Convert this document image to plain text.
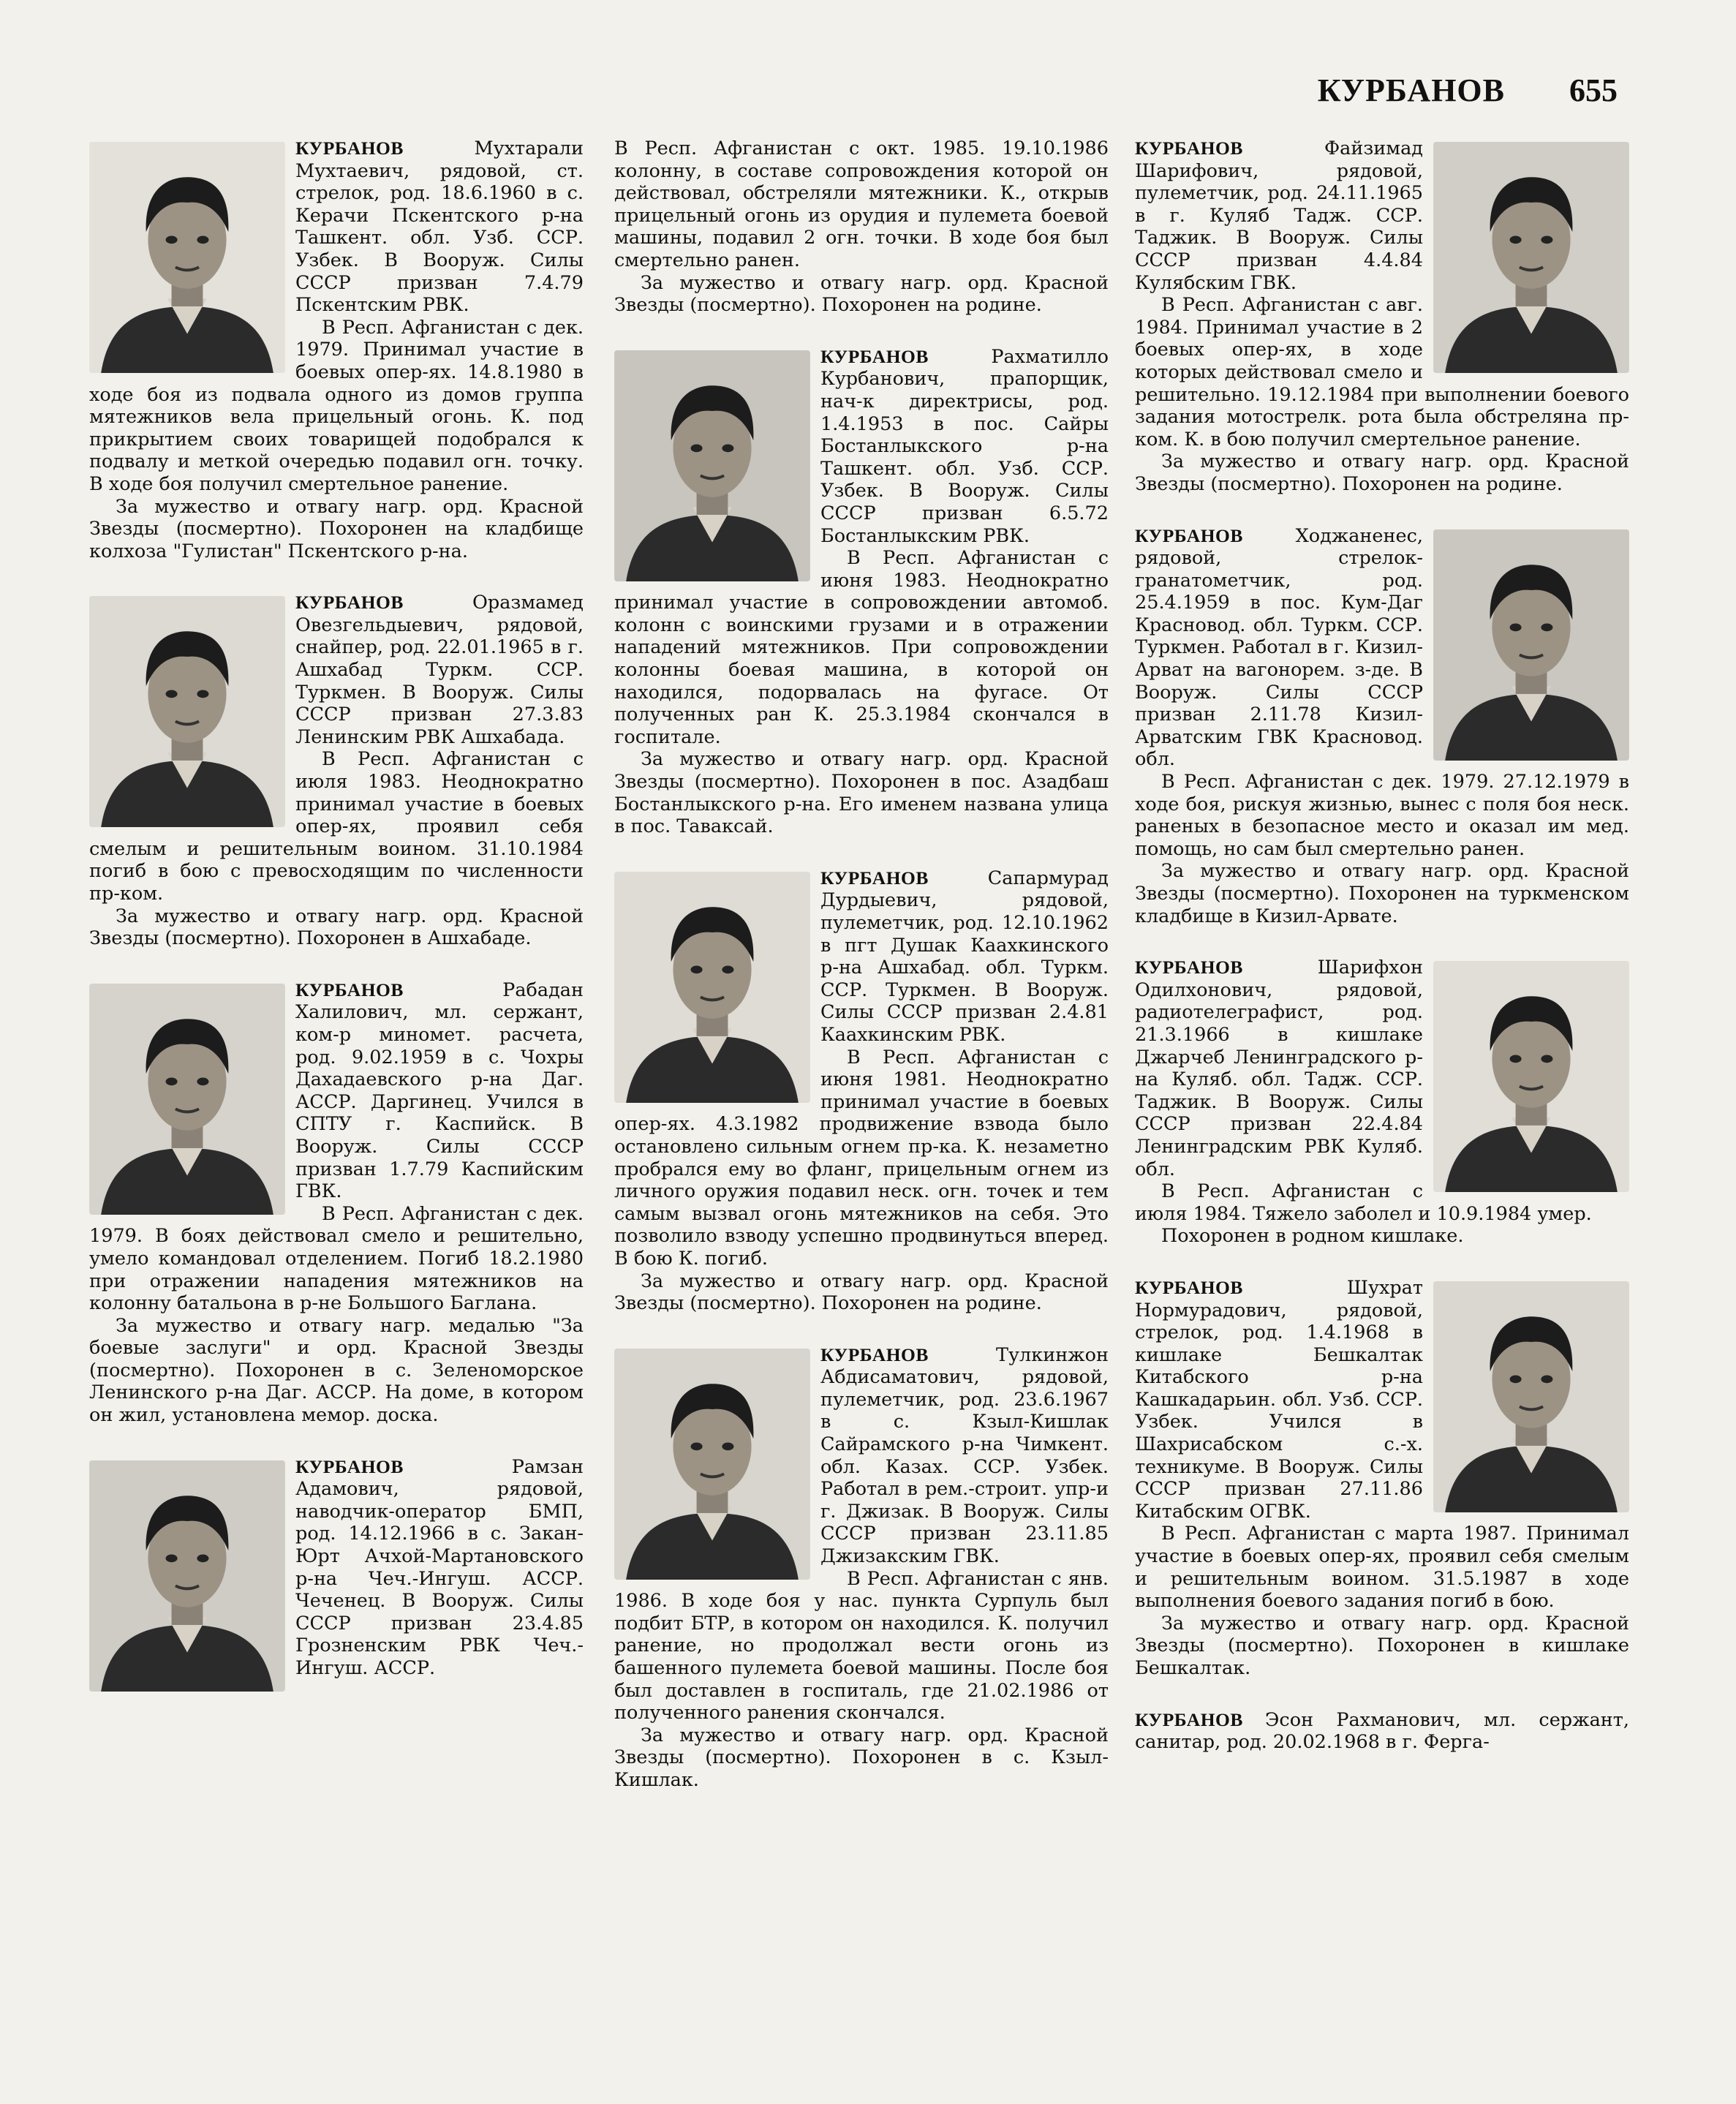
КУРБАНОВ 655

КУРБАНОВ Мухтарали Мухтаевич, рядовой, ст. стрелок, род. 18.6.1960 в с. Керачи Пскентского р-на Ташкент. обл. Узб. ССР. Узбек. В Вооруж. Силы СССР призван 7.4.79 Пскентским РВК.

В Респ. Афганистан с дек. 1979. Принимал участие в боевых опер-ях. 14.8.1980 в ходе боя из подвала одного из домов группа мятежников вела прицельный огонь. К. под прикрытием своих товарищей подобрался к подвалу и меткой очередью подавил огн. точку. В ходе боя получил смертельное ранение.

За мужество и отвагу нагр. орд. Красной Звезды (посмертно). Похоронен на кладбище колхоза "Гулистан" Пскентского р-на.

КУРБАНОВ Оразмамед Овезгельдыевич, рядовой, снайпер, род. 22.01.1965 в г. Ашхабад Туркм. ССР. Туркмен. В Вооруж. Силы СССР призван 27.3.83 Ленинским РВК Ашхабада.

В Респ. Афганистан с июля 1983. Неоднократно принимал участие в боевых опер-ях, проявил себя смелым и решительным воином. 31.10.1984 погиб в бою с превосходящим по численности пр-ком.

За мужество и отвагу нагр. орд. Красной Звезды (посмертно). Похоронен в Ашхабаде.

КУРБАНОВ Рабадан Халилович, мл. сержант, ком-р миномет. расчета, род. 9.02.1959 в с. Чохры Дахадаевского р-на Даг. АССР. Даргинец. Учился в СПТУ г. Каспийск. В Вооруж. Силы СССР призван 1.7.79 Каспийским ГВК.

В Респ. Афганистан с дек. 1979. В боях действовал смело и решительно, умело командовал отделением. Погиб 18.2.1980 при отражении нападения мятежников на колонну батальона в р-не Большого Баглана.

За мужество и отвагу нагр. медалью "За боевые заслуги" и орд. Красной Звезды (посмертно). Похоронен в с. Зеленоморское Ленинского р-на Даг. АССР. На доме, в котором он жил, установлена мемор. доска.

КУРБАНОВ Рамзан Адамович, рядовой, наводчик-оператор БМП, род. 14.12.1966 в с. Закан-Юрт Ачхой-Мартановского р-на Чеч.-Ингуш. АССР. Чеченец. В Вооруж. Силы СССР призван 23.4.85 Грозненским РВК Чеч.-Ингуш. АССР.

В Респ. Афганистан с окт. 1985. 19.10.1986 колонну, в составе сопровождения которой он действовал, обстреляли мятежники. К., открыв прицельный огонь из орудия и пулемета боевой машины, подавил 2 огн. точки. В ходе боя был смертельно ранен.

За мужество и отвагу нагр. орд. Красной Звезды (посмертно). Похоронен на родине.

КУРБАНОВ Рахматилло Курбанович, прапорщик, нач-к директрисы, род. 1.4.1953 в пос. Сайры Бостанлыкского р-на Ташкент. обл. Узб. ССР. Узбек. В Вооруж. Силы СССР призван 6.5.72 Бостанлыкским РВК.

В Респ. Афганистан с июня 1983. Неоднократно принимал участие в сопровождении автомоб. колонн с воинскими грузами и в отражении нападений мятежников. При сопровождении колонны боевая машина, в которой он находился, подорвалась на фугасе. От полученных ран К. 25.3.1984 скончался в госпитале.

За мужество и отвагу нагр. орд. Красной Звезды (посмертно). Похоронен в пос. Азадбаш Бостанлыкского р-на. Его именем названа улица в пос. Таваксай.

КУРБАНОВ Сапармурад Дурдыевич, рядовой, пулеметчик, род. 12.10.1962 в пгт Душак Каахкинского р-на Ашхабад. обл. Туркм. ССР. Туркмен. В Вооруж. Силы СССР призван 2.4.81 Каахкинским РВК.

В Респ. Афганистан с июня 1981. Неоднократно принимал участие в боевых опер-ях. 4.3.1982 продвижение взвода было остановлено сильным огнем пр-ка. К. незаметно пробрался ему во фланг, прицельным огнем из личного оружия подавил неск. огн. точек и тем самым вызвал огонь мятежников на себя. Это позволило взводу успешно продвинуться вперед. В бою К. погиб.

За мужество и отвагу нагр. орд. Красной Звезды (посмертно). Похоронен на родине.

КУРБАНОВ Тулкинжон Абдисаматович, рядовой, пулеметчик, род. 23.6.1967 в с. Кзыл-Кишлак Сайрамского р-на Чимкент. обл. Казах. ССР. Узбек. Работал в рем.-строит. упр-и г. Джизак. В Вооруж. Силы СССР призван 23.11.85 Джизакским ГВК.

В Респ. Афганистан с янв. 1986. В ходе боя у нас. пункта Сурпуль был подбит БТР, в котором он находился. К. получил ранение, но продолжал вести огонь из башенного пулемета боевой машины. После боя был доставлен в госпиталь, где 21.02.1986 от полученного ранения скончался.

За мужество и отвагу нагр. орд. Красной Звезды (посмертно). Похоронен в с. Кзыл-Кишлак.

КУРБАНОВ Файзимад Шарифович, рядовой, пулеметчик, род. 24.11.1965 в г. Куляб Тадж. ССР. Таджик. В Вооруж. Силы СССР призван 4.4.84 Кулябским ГВК.

В Респ. Афганистан с авг. 1984. Принимал участие в 2 боевых опер-ях, в ходе которых действовал смело и решительно. 19.12.1984 при выполнении боевого задания мотострелк. рота была обстреляна пр-ком. К. в бою получил смертельное ранение.

За мужество и отвагу нагр. орд. Красной Звезды (посмертно). Похоронен на родине.

КУРБАНОВ Ходжаненес, рядовой, стрелок-гранатометчик, род. 25.4.1959 в пос. Кум-Даг Красновод. обл. Туркм. ССР. Туркмен. Работал в г. Кизил-Арват на вагонорем. з-де. В Вооруж. Силы СССР призван 2.11.78 Кизил-Арватским ГВК Красновод. обл.

В Респ. Афганистан с дек. 1979. 27.12.1979 в ходе боя, рискуя жизнью, вынес с поля боя неск. раненых в безопасное место и оказал им мед. помощь, но сам был смертельно ранен.

За мужество и отвагу нагр. орд. Красной Звезды (посмертно). Похоронен на туркменском кладбище в Кизил-Арвате.

КУРБАНОВ Шарифхон Одилхонович, рядовой, радиотелеграфист, род. 21.3.1966 в кишлаке Джарчеб Ленинградского р-на Куляб. обл. Тадж. ССР. Таджик. В Вооруж. Силы СССР призван 22.4.84 Ленинградским РВК Куляб. обл.

В Респ. Афганистан с июля 1984. Тяжело заболел и 10.9.1984 умер.

Похоронен в родном кишлаке.

КУРБАНОВ Шухрат Нормурадович, рядовой, стрелок, род. 1.4.1968 в кишлаке Бешкалтак Китабского р-на Кашкадарьин. обл. Узб. ССР. Узбек. Учился в Шахрисабском с.-х. техникуме. В Вооруж. Силы СССР призван 27.11.86 Китабским ОГВК.

В Респ. Афганистан с марта 1987. Принимал участие в боевых опер-ях, проявил себя смелым и решительным воином. 31.5.1987 в ходе выполнения боевого задания погиб в бою.

За мужество и отвагу нагр. орд. Красной Звезды (посмертно). Похоронен в кишлаке Бешкалтак.

КУРБАНОВ Эсон Рахманович, мл. сержант, санитар, род. 20.02.1968 в г. Ферга-
